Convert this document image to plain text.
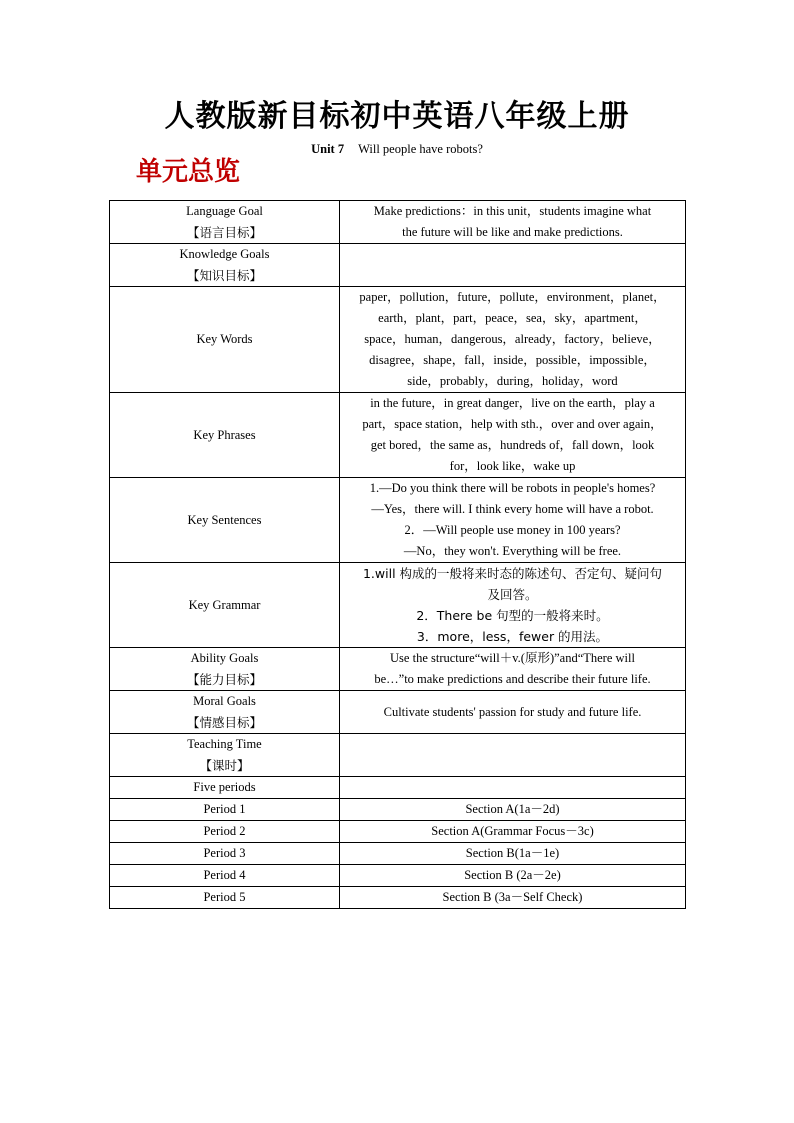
人教版新目标初中英语八年级上册
Unit 7 Will people have robots?
单元总览
Language Goal
【语言目标】	Make predictions：in this unit，students imagine what
the future will be like and make predictions.

Knowledge Goals
【知识目标】	

Key Words	paper，pollution，future，pollute，environment，planet，
earth，plant，part，peace，sea，sky，apartment，
space，human，dangerous，already，factory，believe，
disagree，shape，fall，inside，possible，impossible，
side，probably，during，holiday，word

Key Phrases	in the future，in great danger，live on the earth，play a
part，space station，help with sth.，over and over again，
get bored，the same as，hundreds of，fall down，look
for，look like，wake up

Key Sentences	1.—Do you think there will be robots in people's homes?
—Yes，there will. I think every home will have a robot.
2．—Will people use money in 100 years?
—No，they won't. Everything will be free.

Key Grammar	1.will 构成的一般将来时态的陈述句、否定句、疑问句
及回答。
2．There be 句型的一般将来时。
3．more，less，fewer 的用法。

Ability Goals
【能力目标】	Use the structure“will＋v.(原形)”and“There will
be…”to make predictions and describe their future life.

Moral Goals
【情感目标】	Cultivate students' passion for study and future life.

Teaching Time
【课时】	

Five periods	
Period 1	Section A(1a－2d)
Period 2	Section A(Grammar Focus－3c)
Period 3	Section B(1a－1e)
Period 4	Section B (2a－2e)
Period 5	Section B (3a－Self Check)
